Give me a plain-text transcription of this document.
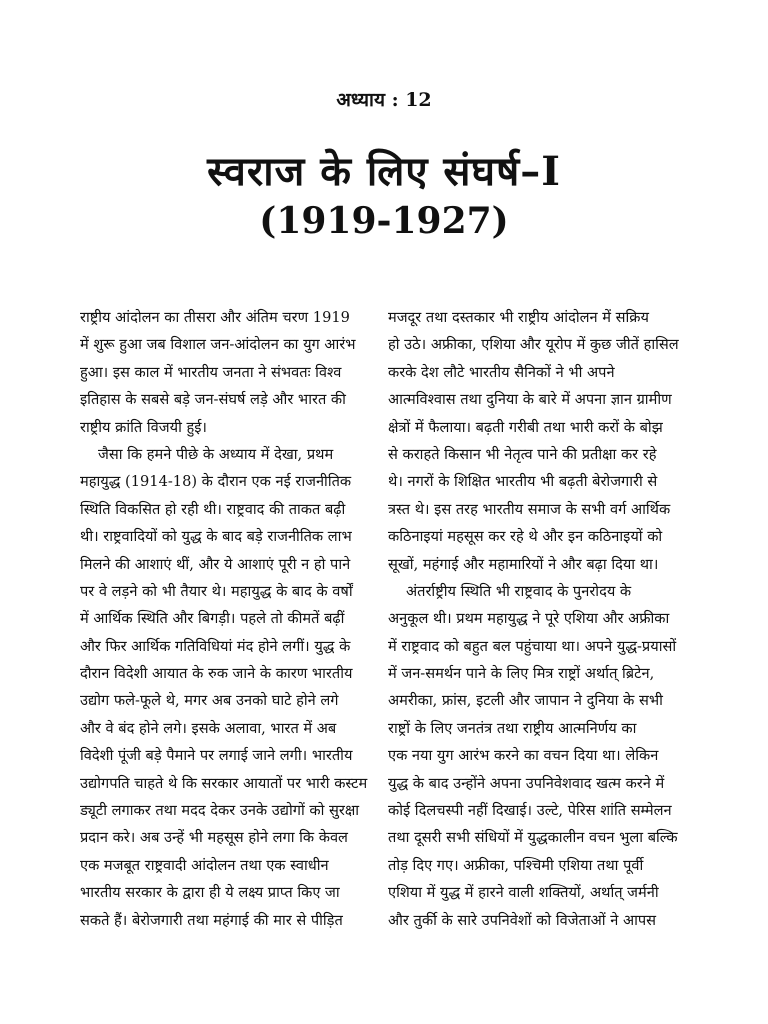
अध्याय : 12
स्वराज के लिए संघर्ष–I
(1919-1927)
राष्ट्रीय आंदोलन का तीसरा और अंतिम चरण 1919
में शुरू हुआ जब विशाल जन-आंदोलन का युग आरंभ
हुआ। इस काल में भारतीय जनता ने संभवतः विश्व
इतिहास के सबसे बड़े जन-संघर्ष लड़े और भारत की
राष्ट्रीय क्रांति विजयी हुई।
जैसा कि हमने पीछे के अध्याय में देखा, प्रथम
महायुद्ध (1914-18) के दौरान एक नई राजनीतिक
स्थिति विकसित हो रही थी। राष्ट्रवाद की ताकत बढ़ी
थी। राष्ट्रवादियों को युद्ध के बाद बड़े राजनीतिक लाभ
मिलने की आशाएं थीं, और ये आशाएं पूरी न हो पाने
पर वे लड़ने को भी तैयार थे। महायुद्ध के बाद के वर्षों
में आर्थिक स्थिति और बिगड़ी। पहले तो कीमतें बढ़ीं
और फिर आर्थिक गतिविधियां मंद होने लगीं। युद्ध के
दौरान विदेशी आयात के रुक जाने के कारण भारतीय
उद्योग फले-फूले थे, मगर अब उनको घाटे होने लगे
और वे बंद होने लगे। इसके अलावा, भारत में अब
विदेशी पूंजी बड़े पैमाने पर लगाई जाने लगी। भारतीय
उद्योगपति चाहते थे कि सरकार आयातों पर भारी कस्टम
ड्यूटी लगाकर तथा मदद देकर उनके उद्योगों को सुरक्षा
प्रदान करे। अब उन्हें भी महसूस होने लगा कि केवल
एक मजबूत राष्ट्रवादी आंदोलन तथा एक स्वाधीन
भारतीय सरकार के द्वारा ही ये लक्ष्य प्राप्त किए जा
सकते हैं। बेरोजगारी तथा महंगाई की मार से पीड़ित
मजदूर तथा दस्तकार भी राष्ट्रीय आंदोलन में सक्रिय
हो उठे। अफ्रीका, एशिया और यूरोप में कुछ जीतें हासिल
करके देश लौटे भारतीय सैनिकों ने भी अपने
आत्मविश्वास तथा दुनिया के बारे में अपना ज्ञान ग्रामीण
क्षेत्रों में फैलाया। बढ़ती गरीबी तथा भारी करों के बोझ
से कराहते किसान भी नेतृत्व पाने की प्रतीक्षा कर रहे
थे। नगरों के शिक्षित भारतीय भी बढ़ती बेरोजगारी से
त्रस्त थे। इस तरह भारतीय समाज के सभी वर्ग आर्थिक
कठिनाइयां महसूस कर रहे थे और इन कठिनाइयों को
सूखों, महंगाई और महामारियों ने और बढ़ा दिया था।
अंतर्राष्ट्रीय स्थिति भी राष्ट्रवाद के पुनरोदय के
अनुकूल थी। प्रथम महायुद्ध ने पूरे एशिया और अफ्रीका
में राष्ट्रवाद को बहुत बल पहुंचाया था। अपने युद्ध-प्रयासों
में जन-समर्थन पाने के लिए मित्र राष्ट्रों अर्थात् ब्रिटेन,
अमरीका, फ्रांस, इटली और जापान ने दुनिया के सभी
राष्ट्रों के लिए जनतंत्र तथा राष्ट्रीय आत्मनिर्णय का
एक नया युग आरंभ करने का वचन दिया था। लेकिन
युद्ध के बाद उन्होंने अपना उपनिवेशवाद खत्म करने में
कोई दिलचस्पी नहीं दिखाई। उल्टे, पेरिस शांति सम्मेलन
तथा दूसरी सभी संधियों में युद्धकालीन वचन भुला बल्कि
तोड़ दिए गए। अफ्रीका, पश्चिमी एशिया तथा पूर्वी
एशिया में युद्ध में हारने वाली शक्तियों, अर्थात् जर्मनी
और तुर्की के सारे उपनिवेशों को विजेताओं ने आपस
